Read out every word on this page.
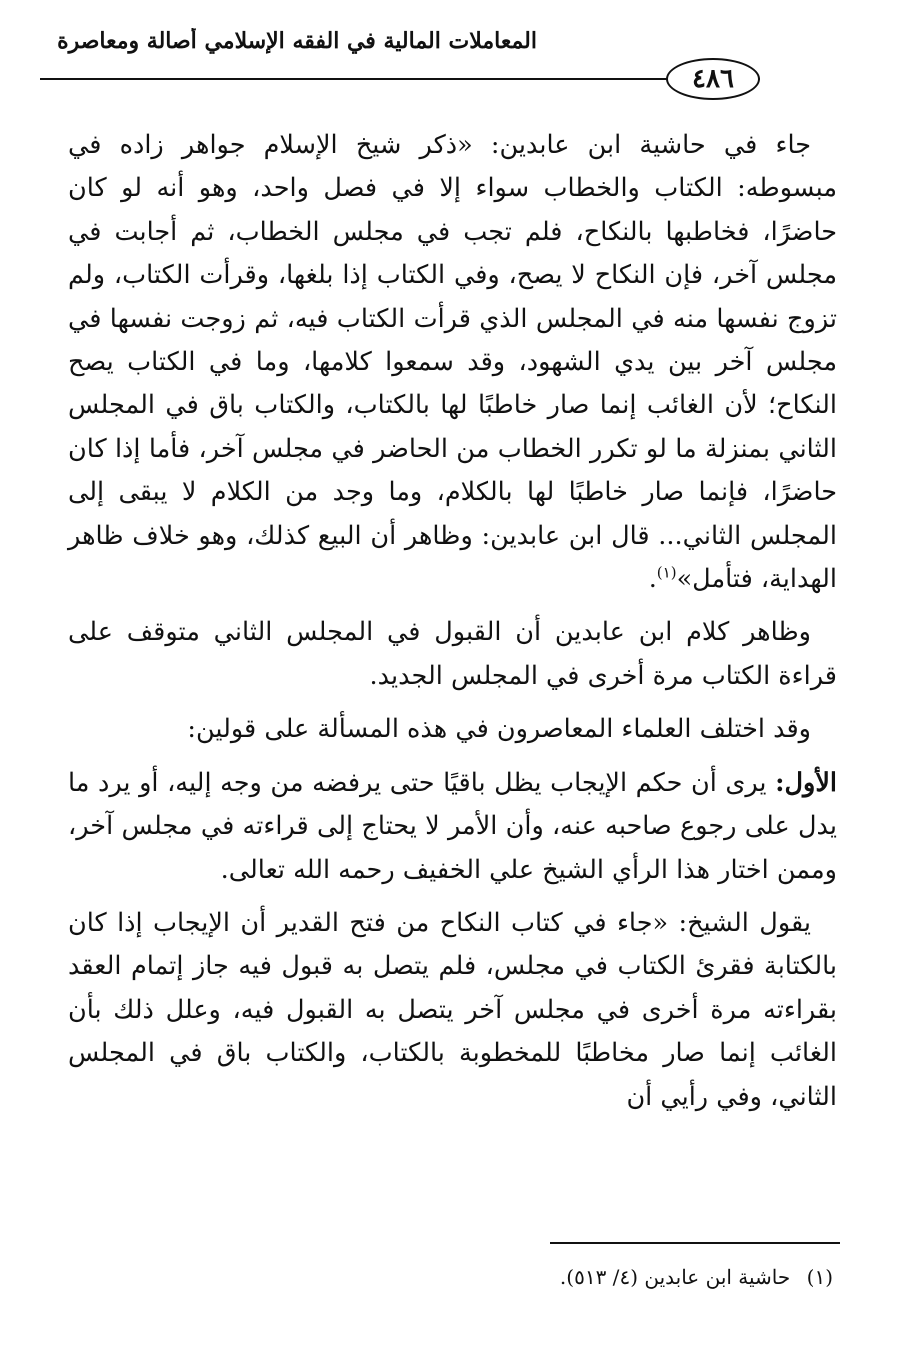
المعاملات المالية في الفقه الإسلامي أصالة ومعاصرة
٤٨٦

جاء في حاشية ابن عابدين: «ذكر شيخ الإسلام جواهر زاده في مبسوطه: الكتاب والخطاب سواء إلا في فصل واحد، وهو أنه لو كان حاضرًا، فخاطبها بالنكاح، فلم تجب في مجلس الخطاب، ثم أجابت في مجلس آخر، فإن النكاح لا يصح، وفي الكتاب إذا بلغها، وقرأت الكتاب، ولم تزوج نفسها منه في المجلس الذي قرأت الكتاب فيه، ثم زوجت نفسها في مجلس آخر بين يدي الشهود، وقد سمعوا كلامها، وما في الكتاب يصح النكاح؛ لأن الغائب إنما صار خاطبًا لها بالكتاب، والكتاب باق في المجلس الثاني بمنزلة ما لو تكرر الخطاب من الحاضر في مجلس آخر، فأما إذا كان حاضرًا، فإنما صار خاطبًا لها بالكلام، وما وجد من الكلام لا يبقى إلى المجلس الثاني... قال ابن عابدين: وظاهر أن البيع كذلك، وهو خلاف ظاهر الهداية، فتأمل»$^{(١)}$.

وظاهر كلام ابن عابدين أن القبول في المجلس الثاني متوقف على قراءة الكتاب مرة أخرى في المجلس الجديد.

وقد اختلف العلماء المعاصرون في هذه المسألة على قولين:

الأول: يرى أن حكم الإيجاب يظل باقيًا حتى يرفضه من وجه إليه، أو يرد ما يدل على رجوع صاحبه عنه، وأن الأمر لا يحتاج إلى قراءته في مجلس آخر، وممن اختار هذا الرأي الشيخ علي الخفيف رحمه الله تعالى.

يقول الشيخ: «جاء في كتاب النكاح من فتح القدير أن الإيجاب إذا كان بالكتابة فقرئ الكتاب في مجلس، فلم يتصل به قبول فيه جاز إتمام العقد بقراءته مرة أخرى في مجلس آخر يتصل به القبول فيه، وعلل ذلك بأن الغائب إنما صار مخاطبًا للمخطوبة بالكتاب، والكتاب باق في المجلس الثاني، وفي رأيي أن

(١) حاشية ابن عابدين (٤/ ٥١٣).
